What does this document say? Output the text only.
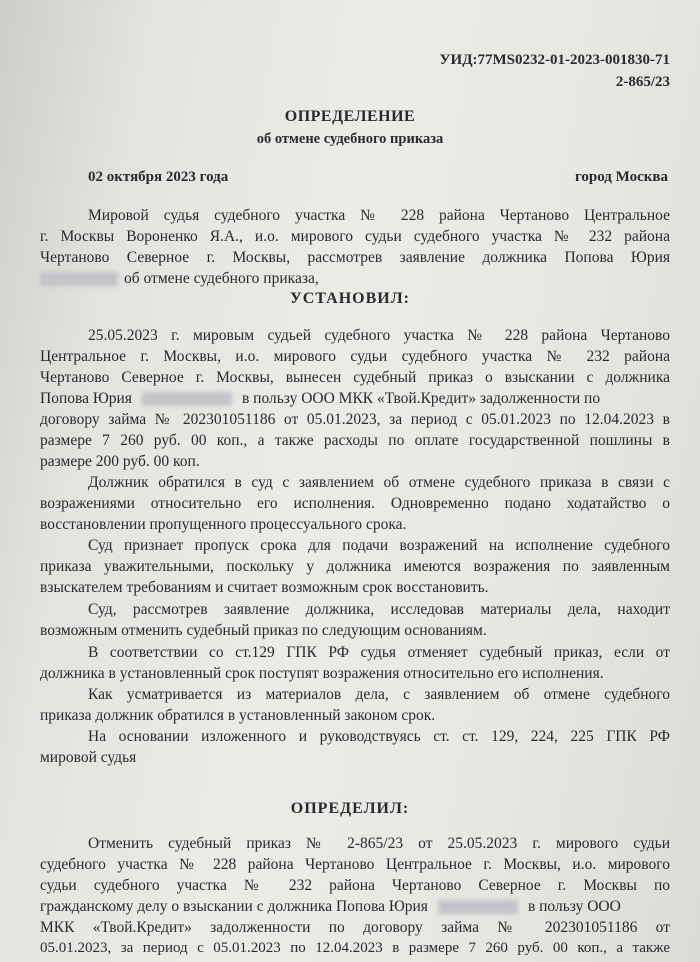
УИД:77MS0232-01-2023-001830-71
2-865/23
ОПРЕДЕЛЕНИЕ
об отмене судебного приказа
02 октября 2023 года	город Москва
Мировой судья судебного участка № 228 района Чертаново Центральное
г. Москвы Вороненко Я.А., и.о. мирового судьи судебного участка № 232 района
Чертаново Северное г. Москвы, рассмотрев заявление должника Попова Юрия
об отмене судебного приказа,
УСТАНОВИЛ:
25.05.2023 г. мировым судьей судебного участка № 228 района Чертаново
Центральное г. Москвы, и.о. мирового судьи судебного участка № 232 района
Чертаново Северное г. Москвы, вынесен судебный приказ о взыскании с должника
Попова Юрия	в пользу ООО МКК «Твой.Кредит» задолженности по
договору займа № 202301051186 от 05.01.2023, за период с 05.01.2023 по 12.04.2023 в
размере 7 260 руб. 00 коп., а также расходы по оплате государственной пошлины в
размере 200 руб. 00 коп.
Должник обратился в суд с заявлением об отмене судебного приказа в связи с
возражениями относительно его исполнения. Одновременно подано ходатайство о
восстановлении пропущенного процессуального срока.
Суд признает пропуск срока для подачи возражений на исполнение судебного
приказа уважительными, поскольку у должника имеются возражения по заявленным
взыскателем требованиям и считает возможным срок восстановить.
Суд, рассмотрев заявление должника, исследовав материалы дела, находит
возможным отменить судебный приказ по следующим основаниям.
В соответствии со ст.129 ГПК РФ судья отменяет судебный приказ, если от
должника в установленный срок поступят возражения относительно его исполнения.
Как усматривается из материалов дела, с заявлением об отмене судебного
приказа должник обратился в установленный законом срок.
На основании изложенного и руководствуясь ст. ст. 129, 224, 225 ГПК РФ
мировой судья
ОПРЕДЕЛИЛ:
Отменить судебный приказ № 2-865/23 от 25.05.2023 г. мирового судьи
судебного участка № 228 района Чертаново Центральное г. Москвы, и.о. мирового
судьи судебного участка № 232 района Чертаново Северное г. Москвы по
гражданскому делу о взыскании с должника Попова Юрия	в пользу ООО
МКК «Твой.Кредит» задолженности по договору займа № 202301051186 от
05.01.2023, за период с 05.01.2023 по 12.04.2023 в размере 7 260 руб. 00 коп., а также
